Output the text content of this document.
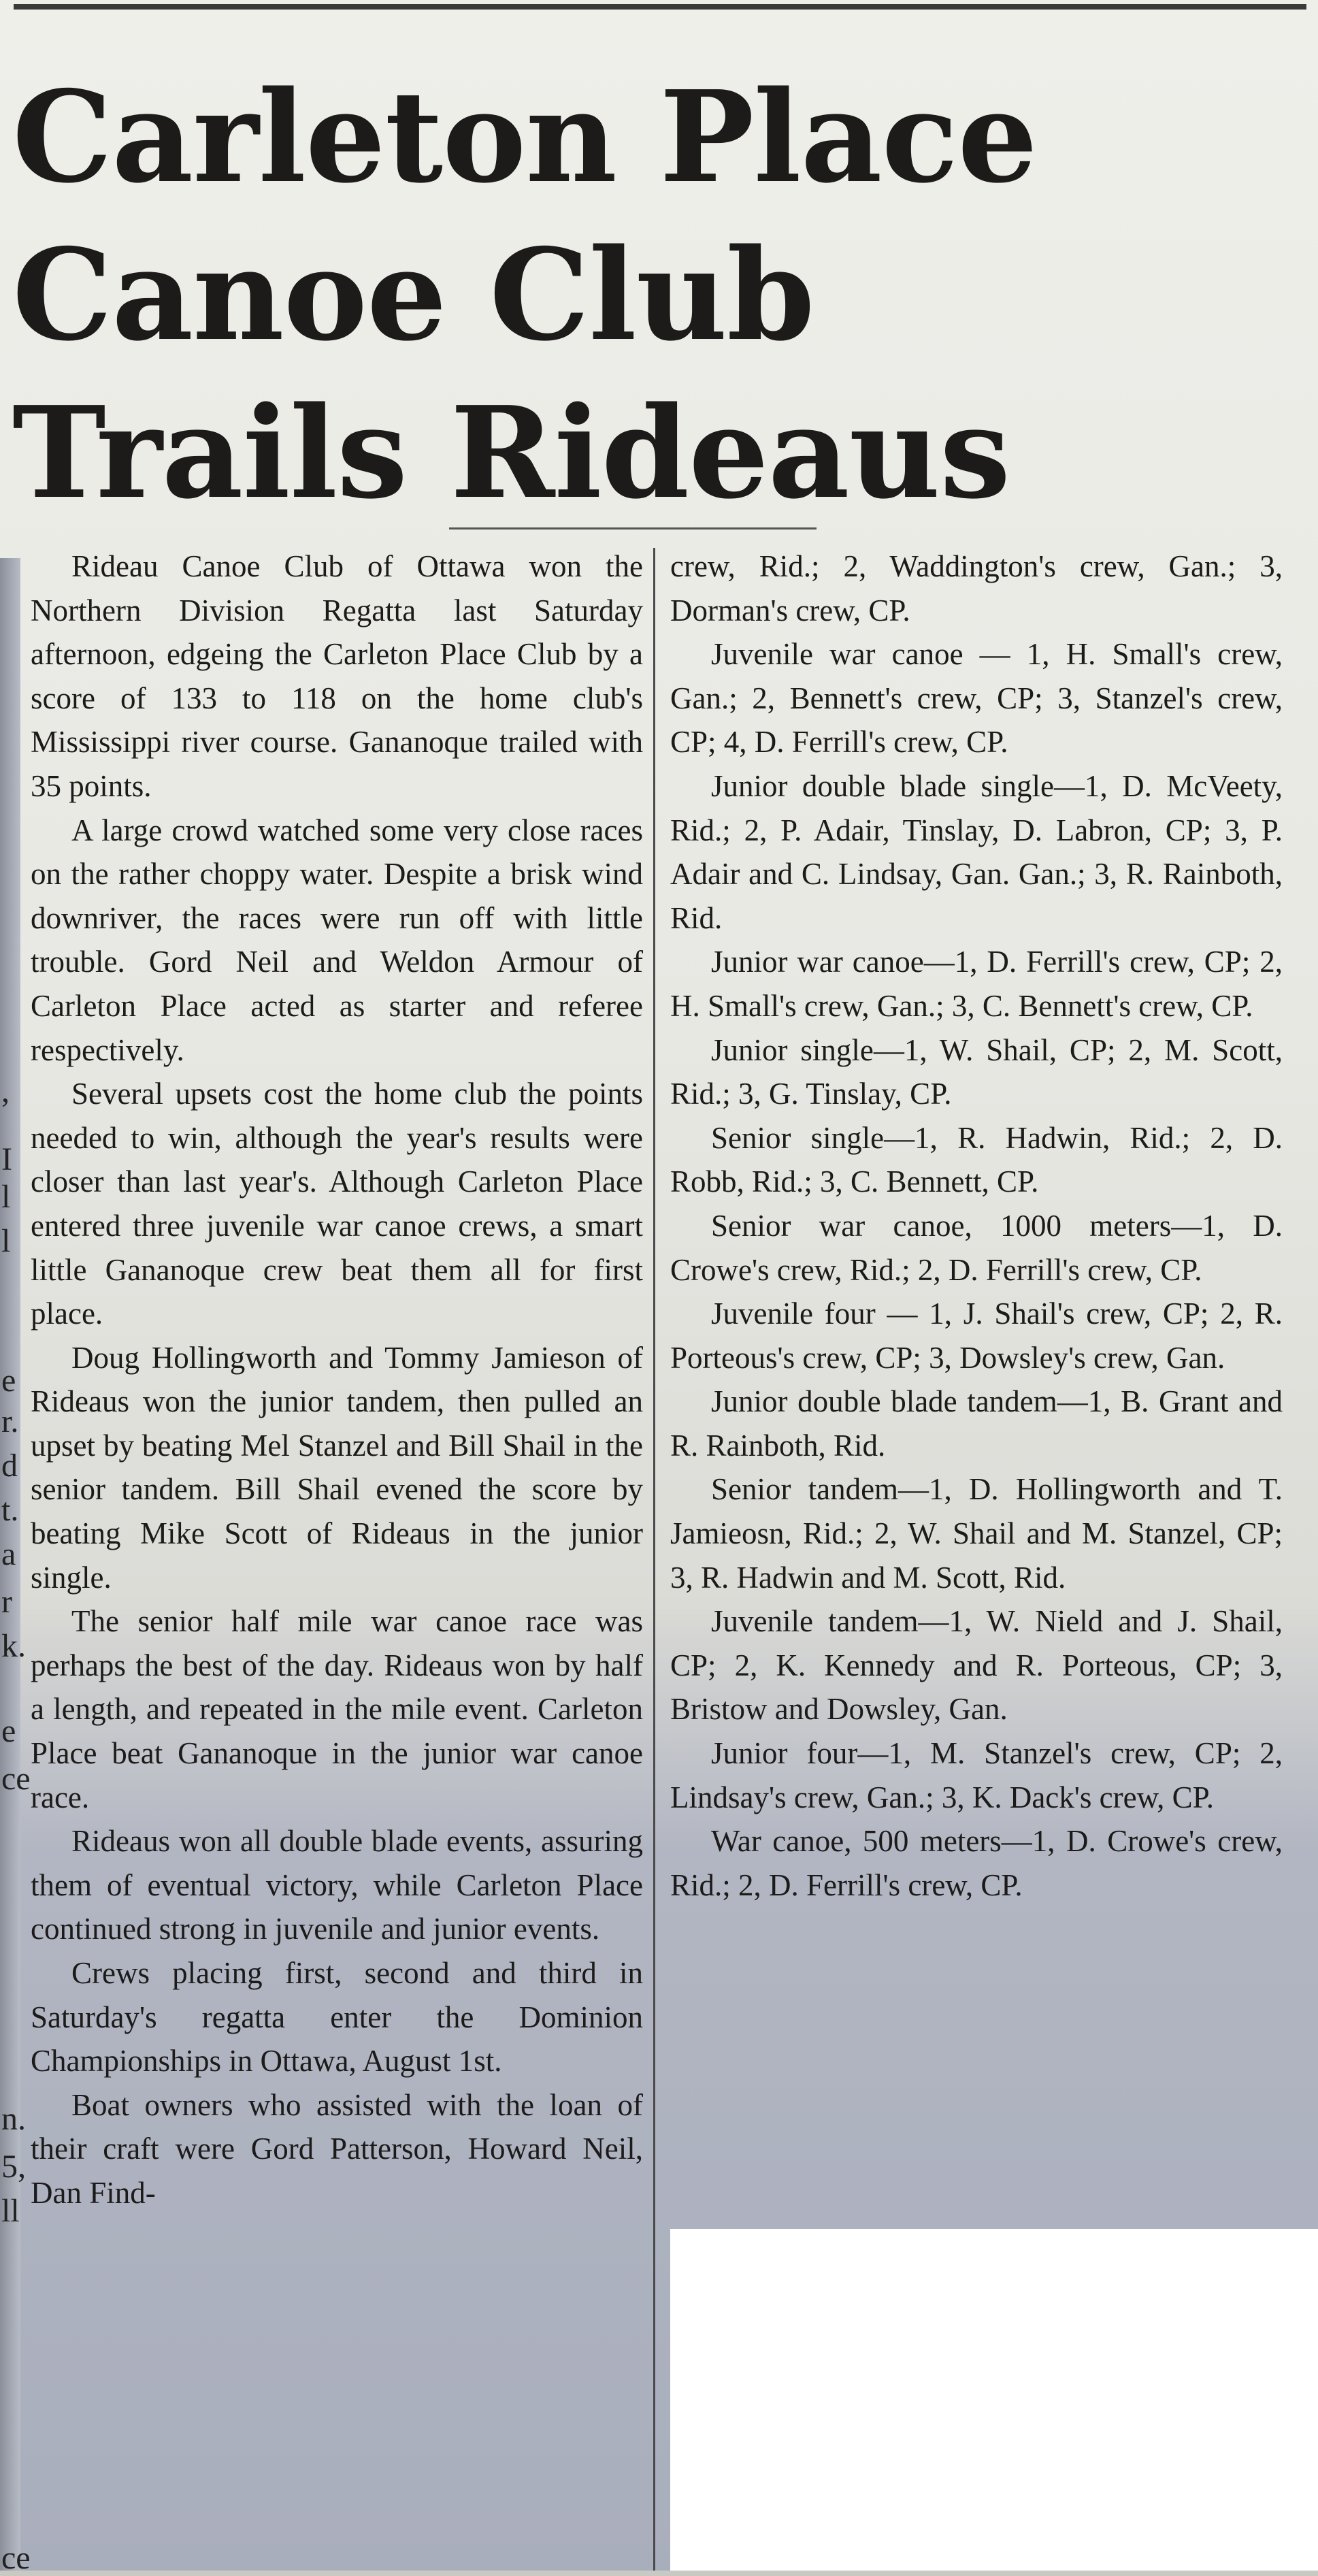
,
I
l
l
e
r.
d
t.
a
r
k.
e
ce
n.
5,
ll
ce
Carleton Place
Canoe Club
Trails Rideaus

Rideau Canoe Club of Ottawa won the Northern Division Regatta last Saturday afternoon, edgeing the Carleton Place Club by a score of 133 to 118 on the home club's Mississippi river course. Gananoque trailed with 35 points.

A large crowd watched some very close races on the rather choppy water. Despite a brisk wind downriver, the races were run off with little trouble. Gord Neil and Weldon Armour of Carleton Place acted as starter and referee respectively.

Several upsets cost the home club the points needed to win, although the year's results were closer than last year's. Although Carleton Place entered three juvenile war canoe crews, a smart little Gananoque crew beat them all for first place.

Doug Hollingworth and Tommy Jamieson of Rideaus won the junior tandem, then pulled an upset by beating Mel Stanzel and Bill Shail in the senior tandem. Bill Shail evened the score by beating Mike Scott of Rideaus in the junior single.

The senior half mile war canoe race was perhaps the best of the day. Rideaus won by half a length, and repeated in the mile event. Carleton Place beat Gananoque in the junior war canoe race.

Rideaus won all double blade events, assuring them of eventual victory, while Carleton Place continued strong in juvenile and junior events.

Crews placing first, second and third in Saturday's regatta enter the Dominion Championships in Ottawa, August 1st.

Boat owners who assisted with the loan of their craft were Gord Patterson, Howard Neil, Dan Find-

crew, Rid.; 2, Waddington's crew, Gan.; 3, Dorman's crew, CP.

Juvenile war canoe — 1, H. Small's crew, Gan.; 2, Bennett's crew, CP; 3, Stanzel's crew, CP; 4, D. Ferrill's crew, CP.

Junior double blade single—1, D. McVeety, Rid.; 2, P. Adair, Tinslay, D. Labron, CP; 3, P. Adair and C. Lindsay, Gan. Gan.; 3, R. Rainboth, Rid.

Junior war canoe—1, D. Ferrill's crew, CP; 2, H. Small's crew, Gan.; 3, C. Bennett's crew, CP.

Junior single—1, W. Shail, CP; 2, M. Scott, Rid.; 3, G. Tinslay, CP.

Senior single—1, R. Hadwin, Rid.; 2, D. Robb, Rid.; 3, C. Bennett, CP.

Senior war canoe, 1000 meters—1, D. Crowe's crew, Rid.; 2, D. Ferrill's crew, CP.

Juvenile four — 1, J. Shail's crew, CP; 2, R. Porteous's crew, CP; 3, Dowsley's crew, Gan.

Junior double blade tandem—1, B. Grant and R. Rainboth, Rid.

Senior tandem—1, D. Hollingworth and T. Jamieosn, Rid.; 2, W. Shail and M. Stanzel, CP; 3, R. Hadwin and M. Scott, Rid.

Juvenile tandem—1, W. Nield and J. Shail, CP; 2, K. Kennedy and R. Porteous, CP; 3, Bristow and Dowsley, Gan.

Junior four—1, M. Stanzel's crew, CP; 2, Lindsay's crew, Gan.; 3, K. Dack's crew, CP.

War canoe, 500 meters—1, D. Crowe's crew, Rid.; 2, D. Ferrill's crew, CP.
